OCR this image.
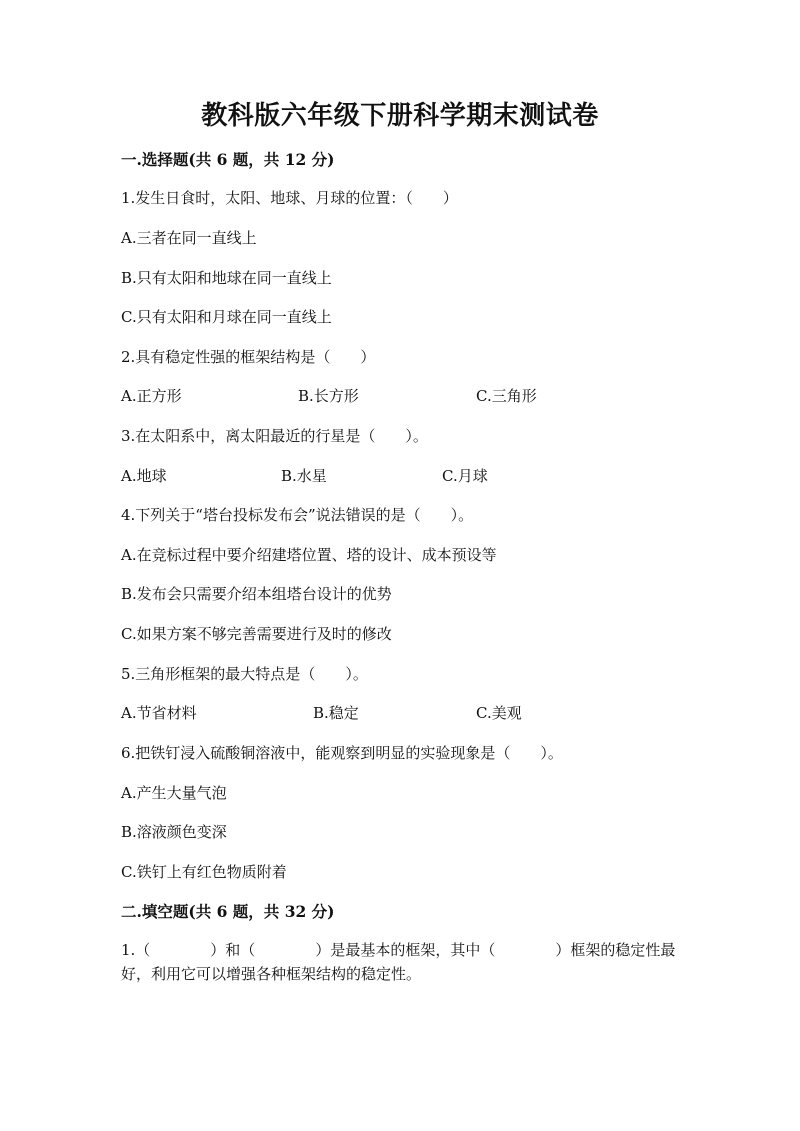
教科版六年级下册科学期末测试卷
一.选择题(共 6 题，共 12 分)
1.发生日食时，太阳、地球、月球的位置：（　　）
A.三者在同一直线上
B.只有太阳和地球在同一直线上
C.只有太阳和月球在同一直线上
2.具有稳定性强的框架结构是（　　）
A.正方形	B.长方形	C.三角形
3.在太阳系中，离太阳最近的行星是（　　）。
A.地球	B.水星	C.月球
4.下列关于“塔台投标发布会”说法错误的是（　　）。
A.在竞标过程中要介绍建塔位置、塔的设计、成本预设等
B.发布会只需要介绍本组塔台设计的优势
C.如果方案不够完善需要进行及时的修改
5.三角形框架的最大特点是（　　）。
A.节省材料	B.稳定	C.美观
6.把铁钉浸入硫酸铜溶液中，能观察到明显的实验现象是（　　）。
A.产生大量气泡
B.溶液颜色变深
C.铁钉上有红色物质附着
二.填空题(共 6 题，共 32 分)
1.（　　　　）和（　　　　）是最基本的框架，其中（　　　　）框架的稳定性最好，利用它可以增强各种框架结构的稳定性。
